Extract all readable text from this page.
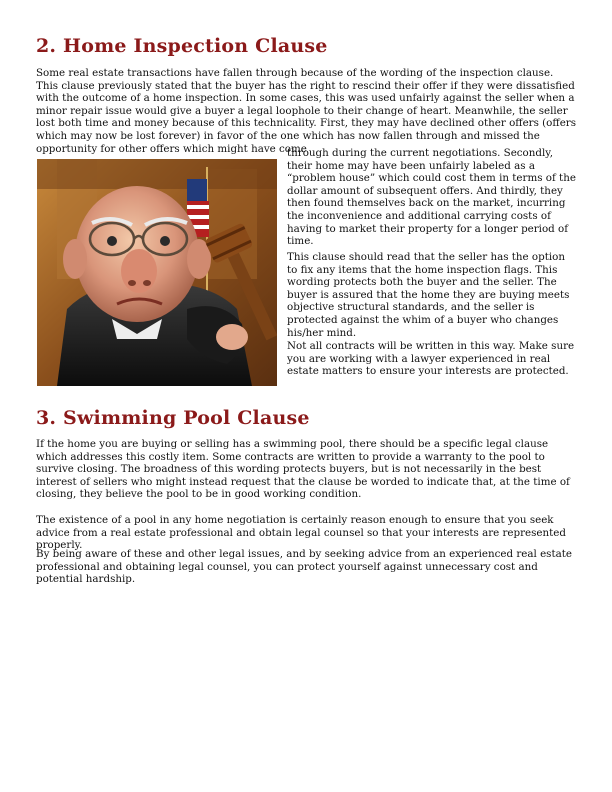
2. Home Inspection Clause

Some real estate transactions have fallen through because of the wording of the inspection clause. This clause previously stated that the buyer has the right to rescind their offer if they were dissatisfied with the outcome of a home inspection. In some cases, this was used unfairly against the seller when a minor repair issue would give a buyer a legal loophole to their change of heart. Meanwhile, the seller lost both time and money because of this technicality. First, they may have declined other offers (offers which may now be lost forever) in favor of the one which has now fallen through and missed the opportunity for other offers which might have come

through during the current negotiations. Secondly, their home may have been unfairly labeled as a “problem house” which could cost them in terms of the dollar amount of subsequent offers. And thirdly, they then found themselves back on the market, incurring the inconvenience and additional carrying costs of having to market their property for a longer period of time.

This clause should read that the seller has the option to fix any items that the home inspection flags. This wording protects both the buyer and the seller. The buyer is assured that the home they are buying meets objective structural standards, and the seller is protected against the whim of a buyer who changes his/her mind.

Not all contracts will be written in this way. Make sure you are working with a lawyer experienced in real estate matters to ensure your interests are protected.

3. Swimming Pool Clause

If the home you are buying or selling has a swimming pool, there should be a specific legal clause which addresses this costly item. Some contracts are written to provide a warranty to the pool to survive closing. The broadness of this wording protects buyers, but is not necessarily in the best interest of sellers who might instead request that the clause be worded to indicate that, at the time of closing, they believe the pool to be in good working condition.

The existence of a pool in any home negotiation is certainly reason enough to ensure that you seek advice from a real estate professional and obtain legal counsel so that your interests are represented properly.

By being aware of these and other legal issues, and by seeking advice from an experienced real estate professional and obtaining legal counsel, you can protect yourself against unnecessary cost and potential hardship.
